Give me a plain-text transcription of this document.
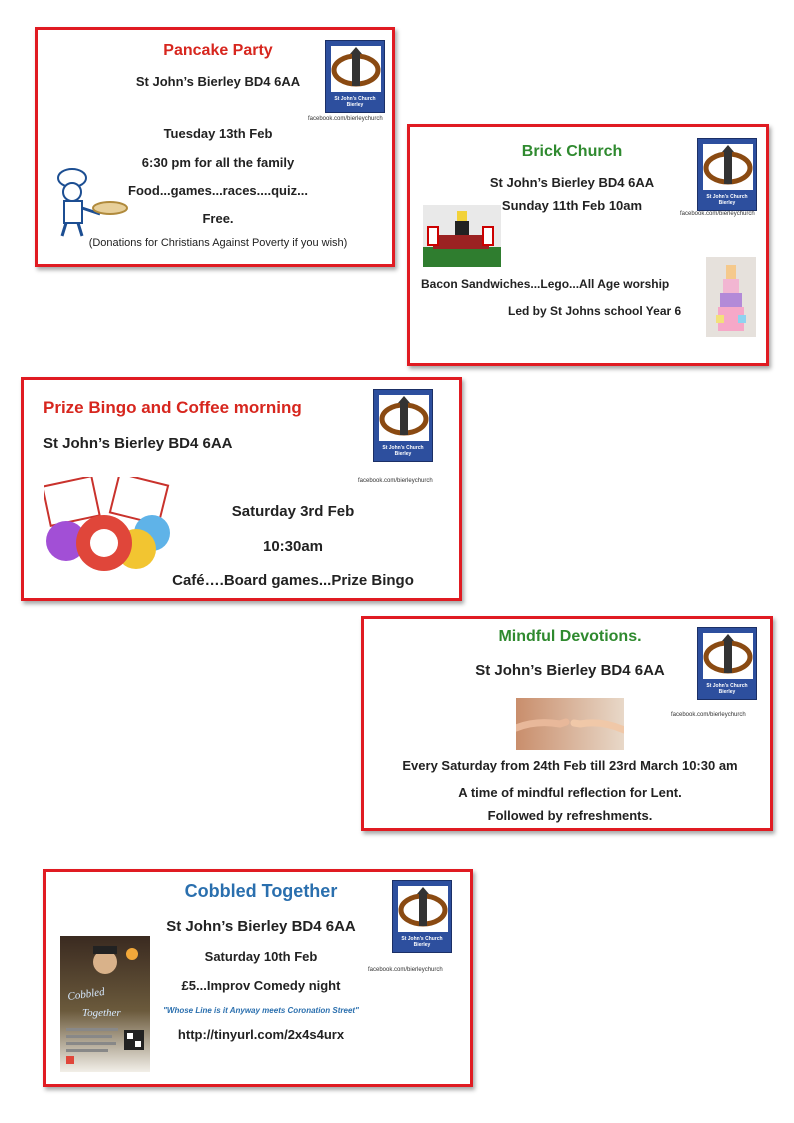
Pancake Party
St John’s Bierley BD4 6AA
St John's Church
Bierley
facebook.com/bierleychurch
Tuesday 13th Feb
6:30 pm for all the family
Food...games...races....quiz...
Free.
(Donations for Christians Against Poverty if you wish)
Brick Church
St John’s Bierley BD4 6AA
Sunday 11th Feb 10am
St John's Church
Bierley
facebook.com/bierleychurch
Bacon Sandwiches...Lego...All Age worship
Led by St Johns school Year 6
Prize Bingo and Coffee morning
St John’s Bierley BD4 6AA	St John's Church
Bierley
facebook.com/bierleychurch
Saturday 3rd Feb
10:30am
Café….Board games...Prize Bingo
Mindful Devotions.
St John’s Bierley BD4 6AA
St John's Church
Bierley
facebook.com/bierleychurch
Every Saturday from 24th Feb till 23rd March 10:30 am
A time of mindful reflection for Lent.
Followed by refreshments.
Cobbled Together
St John’s Bierley BD4 6AA
Saturday 10th Feb
£5...Improv Comedy night
"Whose Line is it Anyway meets Coronation Street"
http://tinyurl.com/2x4s4urx
St John's Church
Bierley
facebook.com/bierleychurch
Cobbled
Together
